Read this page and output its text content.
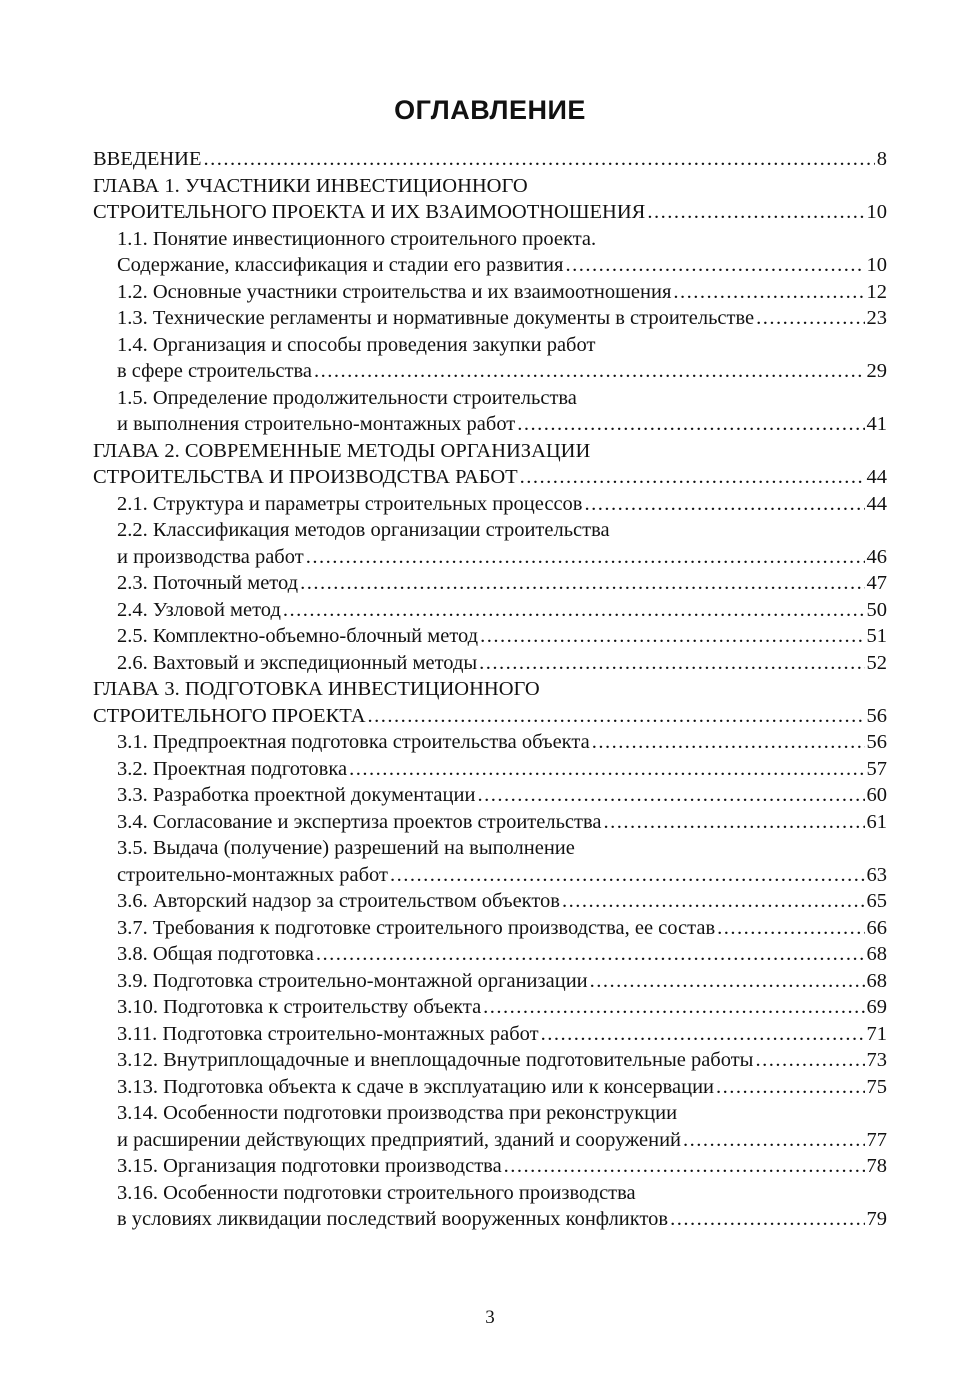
ОГЛАВЛЕНИЕ
ВВЕДЕНИЕ .....	8
ГЛАВА 1. УЧАСТНИКИ ИНВЕСТИЦИОННОГО
СТРОИТЕЛЬНОГО ПРОЕКТА И ИХ ВЗАИМООТНОШЕНИЯ .....	10
1.1. Понятие инвестиционного строительного проекта.
Содержание, классификация и стадии его развития .....	10
1.2. Основные участники строительства и их взаимоотношения .....	12
1.3. Технические регламенты и нормативные документы в строительстве .....	23
1.4. Организация и способы проведения закупки работ
в сфере строительства .....	29
1.5. Определение продолжительности строительства
и выполнения строительно-монтажных работ .....	41
ГЛАВА 2. СОВРЕМЕННЫЕ МЕТОДЫ ОРГАНИЗАЦИИ
СТРОИТЕЛЬСТВА И ПРОИЗВОДСТВА РАБОТ .....	44
2.1. Структура и параметры строительных процессов .....	44
2.2. Классификация методов организации строительства
и производства работ .....	46
2.3. Поточный метод .....	47
2.4. Узловой метод .....	50
2.5. Комплектно-объемно-блочный метод .....	51
2.6. Вахтовый и экспедиционный методы .....	52
ГЛАВА 3. ПОДГОТОВКА ИНВЕСТИЦИОННОГО
СТРОИТЕЛЬНОГО ПРОЕКТА .....	56
3.1. Предпроектная подготовка строительства объекта .....	56
3.2. Проектная подготовка .....	57
3.3. Разработка проектной документации .....	60
3.4. Согласование и экспертиза проектов строительства .....	61
3.5. Выдача (получение) разрешений на выполнение
строительно-монтажных работ .....	63
3.6. Авторский надзор за строительством объектов .....	65
3.7. Требования к подготовке строительного производства, ее состав .....	66
3.8. Общая подготовка .....	68
3.9. Подготовка строительно-монтажной организации .....	68
3.10. Подготовка к строительству объекта .....	69
3.11. Подготовка строительно-монтажных работ .....	71
3.12. Внутриплощадочные и внеплощадочные подготовительные работы .....	73
3.13. Подготовка объекта к сдаче в эксплуатацию или к консервации .....	75
3.14. Особенности подготовки производства при реконструкции
и расширении действующих предприятий, зданий и сооружений .....	77
3.15. Организация подготовки производства .....	78
3.16. Особенности подготовки строительного производства
в условиях ликвидации последствий вооруженных конфликтов .....	79
3
